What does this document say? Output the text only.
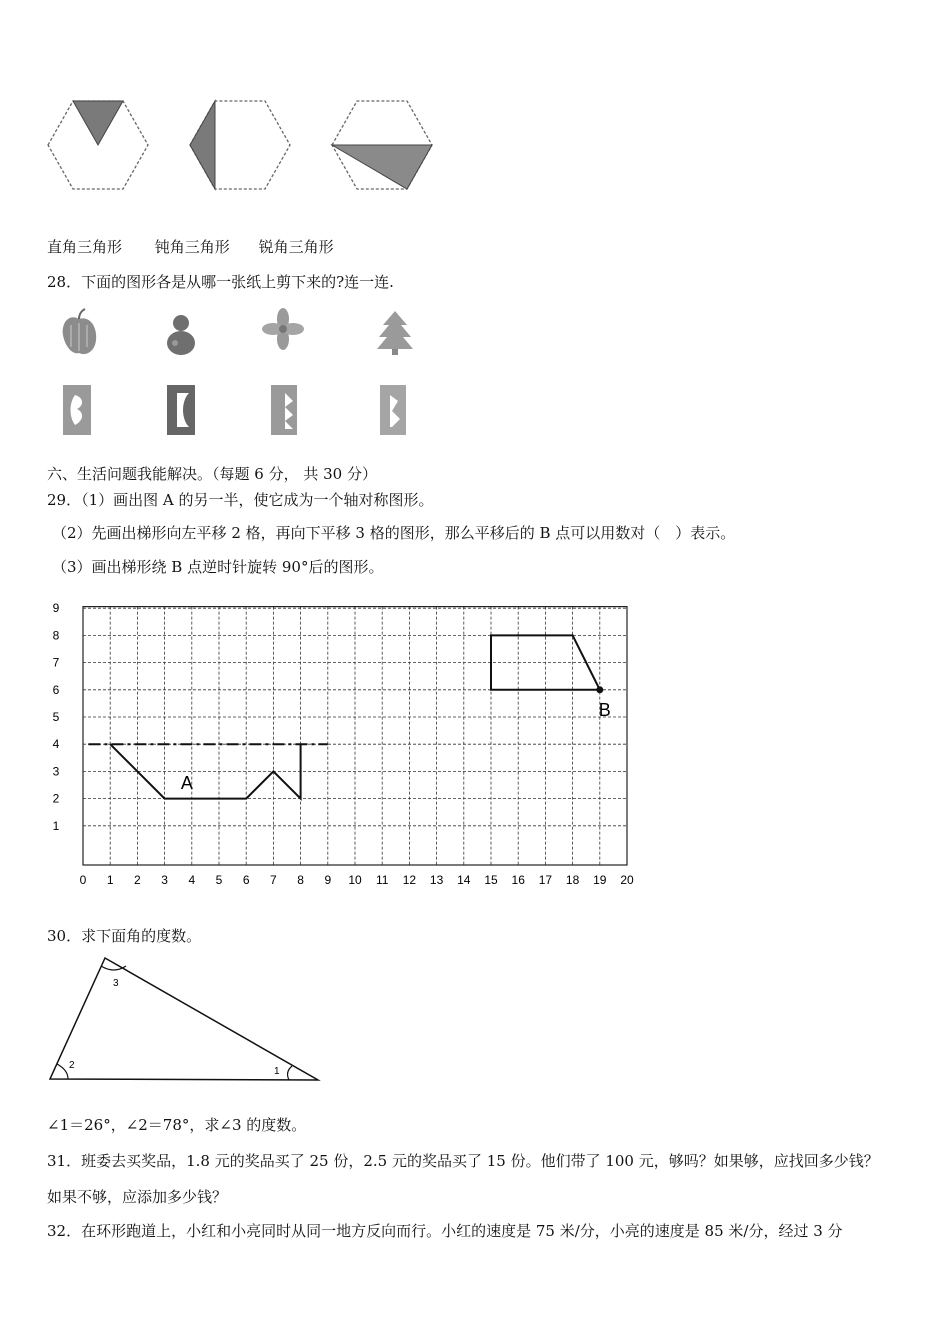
直角三角形 钝角三角形 锐角三角形
28．下面的图形各是从哪一张纸上剪下来的?连一连.
六、生活问题我能解决。（每题 6 分， 共 30 分）
29．（1）画出图 A 的另一半，使它成为一个轴对称图形。
（2）先画出梯形向左平移 2 格，再向下平移 3 格的图形，那么平移后的 B 点可以用数对（　）表示。
（3）画出梯形绕 B 点逆时针旋转 90°后的图形。
0 1 2 3 4 5 6 7 8 9 10 11 12 13 14 15 16 17 18 19 20
1
2
3
4
5
6
7
8
9
A
B
30．求下面角的度数。
3
2
1
∠1＝26°，∠2＝78°，求∠3 的度数。
31．班委去买奖品，1.8 元的奖品买了 25 份，2.5 元的奖品买了 15 份。他们带了 100 元，够吗？如果够，应找回多少钱？
如果不够，应添加多少钱？
32．在环形跑道上，小红和小亮同时从同一地方反向而行。小红的速度是 75 米/分，小亮的速度是 85 米/分，经过 3 分
